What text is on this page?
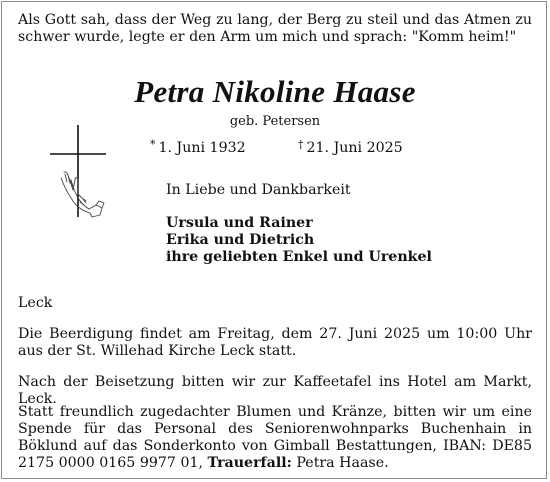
Als Gott sah, dass der Weg zu lang, der Berg zu steil und das Atmen zu schwer wurde, legte er den Arm um mich und sprach: "Komm heim!"
Petra Nikoline Haase
geb. Petersen
* 1. Juni 1932	† 21. Juni 2025
In Liebe und Dankbarkeit
Ursula und Rainer
Erika und Dietrich
ihre geliebten Enkel und Urenkel
Leck
Die Beerdigung findet am Freitag, dem 27. Juni 2025 um 10:00 Uhr aus der St. Willehad Kirche Leck statt.
Nach der Beisetzung bitten wir zur Kaffeetafel ins Hotel am Markt, Leck.
Statt freundlich zugedachter Blumen und Kränze, bitten wir um eine Spende für das Personal des Seniorenwohnparks Buchenhain in Böklund auf das Sonderkonto von Gimball Bestattungen, IBAN: DE85 2175 0000 0165 9977 01, Trauerfall: Petra Haase.
